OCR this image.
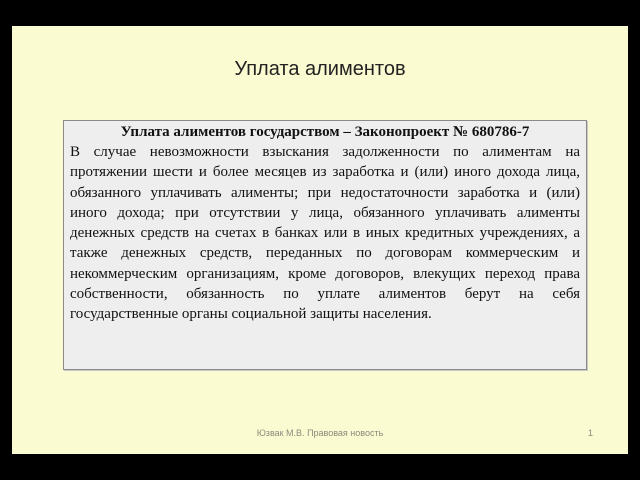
Уплата алиментов
Уплата алиментов государством – Законопроект № 680786-7

В случае невозможности взыскания задолженности по алиментам на протяжении шести и более месяцев из заработка и (или) иного дохода лица, обязанного уплачивать алименты; при недостаточности заработка и (или) иного дохода; при отсутствии у лица, обязанного уплачивать алименты денежных средств на счетах в банках или в иных кредитных учреждениях, а также денежных средств, переданных по договорам коммерческим и некоммерческим организациям, кроме договоров, влекущих переход права собственности, обязанность по уплате алиментов берут на себя государственные органы социальной защиты населения.

Юзвак М.В. Правовая новость	1
